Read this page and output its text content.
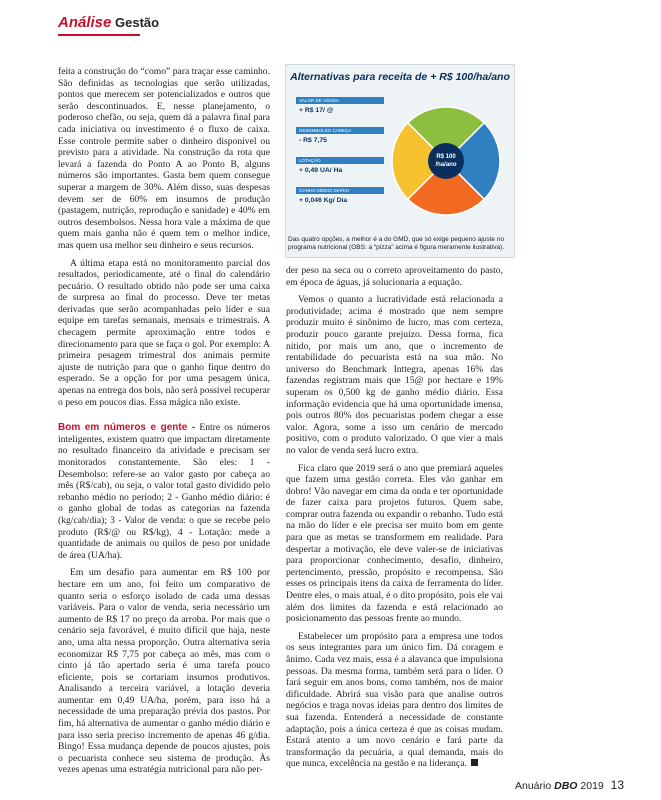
Análise Gestão

feita a construção do “como” para traçar esse caminho. São definidas as tecnologias que serão utilizadas, pontos que merecem ser potencializados e outros que serão descontinuados. E, nesse planejamento, o poderoso chefão, ou seja, quem dá a palavra final para cada iniciativa ou investimento é o fluxo de caixa. Esse controle permite saber o dinheiro disponível ou previsto para a atividade. Na construção da rota que levará a fazenda do Ponto A ao Ponto B, alguns números são importantes. Gasta bem quem consegue superar a margem de 30%. Além disso, suas despesas devem ser de 60% em insumos de produção (pastagem, nutrição, reprodução e sanidade) e 40% em outros desembolsos. Nessa hora vale a máxima de que quem mais ganha não é quem tem o melhor índice, mas quem usa melhor seu dinheiro e seus recursos.

A última etapa está no monitoramento parcial dos resultados, periodicamente, até o final do calendário pecuário. O resultado obtido não pode ser uma caixa de surpresa ao final do processo. Deve ter metas derivadas que serão acompanhadas pelo líder e sua equipe em tarefas semanais, mensais e trimestrais. A checagem permite aproximação entre todos e direcionamento para que se faça o gol. Por exemplo: A primeira pesagem trimestral dos animais permite ajuste de nutrição para que o ganho fique dentro do esperado. Se a opção for por uma pesagem única, apenas na entrega dos bois, não será possível recuperar o peso em poucos dias. Essa mágica não existe.

Bom em números e gente - Entre os números inteligentes, existem quatro que impactam diretamente no resultado financeiro da atividade e precisam ser monitorados constantemente. São eles: 1 - Desembolso: refere-se ao valor gasto por cabeça ao mês (R$/cab), ou seja, o valor total gasto dividido pelo rebanho médio no período; 2 - Ganho médio diário: é o ganho global de todas as categorias na fazenda (kg/cab/dia); 3 - Valor de venda: o que se recebe pelo produto (R$/@ ou R$/kg), 4 - Lotação: mede a quantidade de animais ou quilos de peso por unidade de área (UA/ha).

Em um desafio para aumentar em R$ 100 por hectare em um ano, foi feito um comparativo de quanto seria o esforço isolado de cada uma dessas variáveis. Para o valor de venda, seria necessário um aumento de R$ 17 no preço da arroba. Por mais que o cenário seja favorável, é muito difícil que haja, neste ano, uma alta nessa proporção. Outra alternativa seria economizar R$ 7,75 por cabeça ao mês, mas com o cinto já tão apertado seria é uma tarefa pouco eficiente, pois se cortariam insumos produtivos. Analisando a terceira variável, a lotação deveria aumentar em 0,49 UA/ha, porém, para isso há a necessidade de uma preparação prévia dos pastos. Por fim, há alternativa de aumentar o ganho médio diário e para isso seria preciso incremento de apenas 46 g/dia. Bingo! Essa mudança depende de poucos ajustes, pois o pecuarista conhece seu sistema de produção. Às vezes apenas uma estratégia nutricional para não per-

Alternativas para receita de + R$ 100/ha/ano
R$ 100
/ha/ano
VALOR DE VENDA
+ R$ 17/ @
DESEMBOLSO CABEÇA
- R$ 7,75
LOTAÇÃO
+ 0,49 UA/ Ha
GANHO MÉDIO DIÁRIO
+ 0,046 Kg/ Dia
Das quatro opções, a melhor é a do GMD, que só exige pequeno ajuste no programa nutricional (OBS: a “pizza” acima é figura meramente ilustrativa).

der peso na seca ou o correto aproveitamento do pasto, em época de águas, já solucionaria a equação.

Vemos o quanto a lucratividade está relacionada a produtividade; acima é mostrado que nem sempre produzir muito é sinônimo de lucro, mas com certeza, produzir pouco garante prejuízo. Dessa forma, fica nítido, por mais um ano, que o incremento de rentabilidade do pecuarista está na sua mão. No universo do Benchmark Inttegra, apenas 16% das fazendas registram mais que 15@ por hectare e 19% superam os 0,500 kg de ganho médio diário. Essa informação evidencia que há uma oportunidade imensa, pois outros 80% dos pecuaristas podem chegar a esse valor. Agora, some a isso um cenário de mercado positivo, com o produto valorizado. O que vier a mais no valor de venda será lucro extra.

Fica claro que 2019 será o ano que premiará aqueles que fazem uma gestão correta. Eles vão ganhar em dobro! Vão navegar em cima da onda e ter oportunidade de fazer caixa para projetos futuros. Quem sabe, comprar outra fazenda ou expandir o rebanho. Tudo está na mão do líder e ele precisa ser muito bom em gente para que as metas se transformem em realidade. Para despertar a motivação, ele deve valer-se de iniciativas para proporcionar conhecimento, desafio, dinheiro, pertencimento, pressão, propósito e recompensa. São esses os principais itens da caixa de ferramenta do líder. Dentre eles, o mais atual, é o dito propósito, pois ele vai além dos limites da fazenda e está relacionado ao posicionamento das pessoas frente ao mundo.

Estabelecer um propósito para a empresa une todos os seus integrantes para um único fim. Dá coragem e ânimo. Cada vez mais, essa é a alavanca que impulsiona pessoas. Da mesma forma, também será para o líder. O fará seguir em anos bons, como também, nos de maior dificuldade. Abrirá sua visão para que analise outros negócios e traga novas ideias para dentro dos limites de sua fazenda. Entenderá a necessidade de constante adaptação, pois a única certeza é que as coisas mudam. Estará atento a um novo cenário e fará parte da transformação da pecuária, a qual demanda, mais do que nunca, excelência na gestão e na liderança.

Anuário DBO 2019 13
